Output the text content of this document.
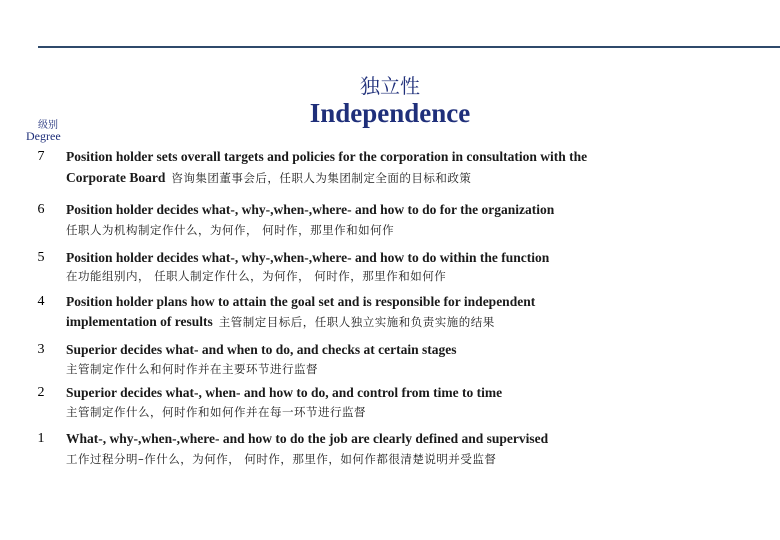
独立性
Independence
级别
Degree
7	Position holder sets overall targets and policies for the corporation in consultation with the
Corporate Board 咨询集团董事会后，任职人为集团制定全面的目标和政策
6	Position holder decides what-, why-,when-,where- and how to do for the organization
任职人为机构制定作什么，为何作， 何时作，那里作和如何作
5	Position holder decides what-, why-,when-,where- and how to do within the function
在功能组别内， 任职人制定作什么，为何作， 何时作，那里作和如何作
4	Position holder plans how to attain the goal set and is responsible for independent
implementation of results 主管制定目标后，任职人独立实施和负责实施的结果
3	Superior decides what- and when to do, and checks at certain stages
主管制定作什么和何时作并在主要环节进行监督
2	Superior decides what-, when- and how to do, and control from time to time
主管制定作什么，何时作和如何作并在每一环节进行监督
1	What-, why-,when-,where- and how to do the job are clearly defined and supervised
工作过程分明–作什么，为何作， 何时作，那里作，如何作都很清楚说明并受监督
